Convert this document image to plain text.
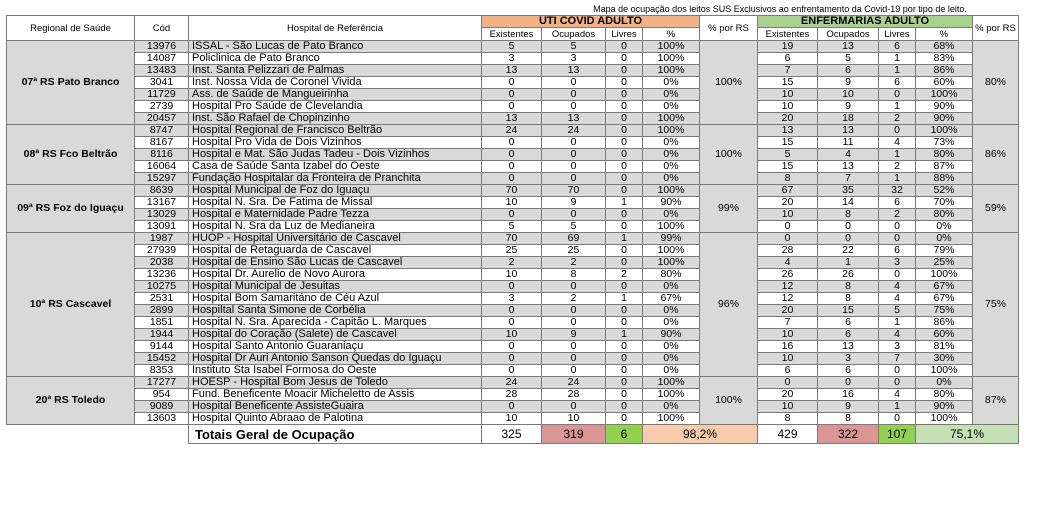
				Mapa de ocupação dos leitos SUS Exclusivos ao enfrentamento da Covid-19 por tipo de leito.								
Regional de Saúde	Cód	Hospital de Referência	UTI COVID ADULTO				% por RS	ENFERMARIAS ADULTO				% por RS
			Existentes	Ocupados	Livres	%		Existentes	Ocupados	Livres	%	
07ª RS Pato Branco	13976	ISSAL - São Lucas de Pato Branco	5	5	0	100%	100%	19	13	6	68%	80%
	14087	Policlinica de Pato Branco	3	3	0	100%		6	5	1	83%	
	13483	Inst. Santa Pelizzari de Palmas	13	13	0	100%		7	6	1	86%	
	3041	Inst. Nossa Vida de Coronel Vivida	0	0	0	0%		15	9	6	60%	
	11729	Ass. de Saúde de Mangueirinha	0	0	0	0%		10	10	0	100%	
	2739	Hospital Pro Saúde de Clevelandia	0	0	0	0%		10	9	1	90%	
	20457	Inst. São Rafael de Chopinzinho	13	13	0	100%		20	18	2	90%	
08ª RS Fco Beltrão	8747	Hospital Regional de Francisco Beltrão	24	24	0	100%	100%	13	13	0	100%	86%
	8167	Hospital Pro Vida de Dois Vizinhos	0	0	0	0%		15	11	4	73%	
	8116	Hospital e Mat. São Judas Tadeu - Dois Vizinhos	0	0	0	0%		5	4	1	80%	
	16064	Casa de Saúde Santa Izabel do Oeste	0	0	0	0%		15	13	2	87%	
	15297	Fundação Hospitalar da Fronteira de Pranchita	0	0	0	0%		8	7	1	88%	
09ª RS Foz do Iguaçu	8639	Hospital Municipal de Foz do Iguaçu	70	70	0	100%	99%	67	35	32	52%	59%
	13167	Hospital N. Sra. De Fatima de Missal	10	9	1	90%		20	14	6	70%	
	13029	Hospital e Maternidade Padre Tezza	0	0	0	0%		10	8	2	80%	
	13091	Hospital N. Sra da Luz de Medianeira	5	5	0	100%		0	0	0	0%	
10ª RS Cascavel	1987	HUOP - Hospital Universitário de Cascavel	70	69	1	99%	96%	0	0	0	0%	75%
	27939	Hospital de Retaguarda de Cascavel	25	25	0	100%		28	22	6	79%	
	2038	Hospital de Ensino São Lucas de Cascavel	2	2	0	100%		4	1	3	25%	
	13236	Hospital Dr. Aurelio de Novo Aurora	10	8	2	80%		26	26	0	100%	
	10275	Hospital Municipal de Jesuitas	0	0	0	0%		12	8	4	67%	
	2531	Hospital Bom Samaritáno de Céu Azul	3	2	1	67%		12	8	4	67%	
	2899	Hospiltal Santa Simone de Corbélia	0	0	0	0%		20	15	5	75%	
	1851	Hospital N. Sra. Aparecida - Capitão L. Marques	0	0	0	0%		7	6	1	86%	
	1944	Hospital do Coração (Salete) de Cascavel	10	9	1	90%		10	6	4	60%	
	9144	Hospital Santo Antonio Guaraniaçu	0	0	0	0%		16	13	3	81%	
	15452	Hospital Dr Auri Antonio Sanson Quedas do Iguaçu	0	0	0	0%		10	3	7	30%	
	8353	Instituto Sta Isabel Formosa do Oeste	0	0	0	0%		6	6	0	100%	
20ª RS Toledo	17277	HOESP - Hospital Bom Jesus de Toledo	24	24	0	100%	100%	0	0	0	0%	87%
	954	Fund. Beneficente Moacir Micheletto de Assis	28	28	0	100%		20	16	4	80%	
	9089	Hospital Beneficente AssisteGuaira	0	0	0	0%		10	9	1	90%	
	13603	Hospital Quinto Abraao de Palotina	10	10	0	100%		8	8	0	100%	
		Totais Geral de Ocupação	325	319	6	98,2%		429	322	107	75,1%	
